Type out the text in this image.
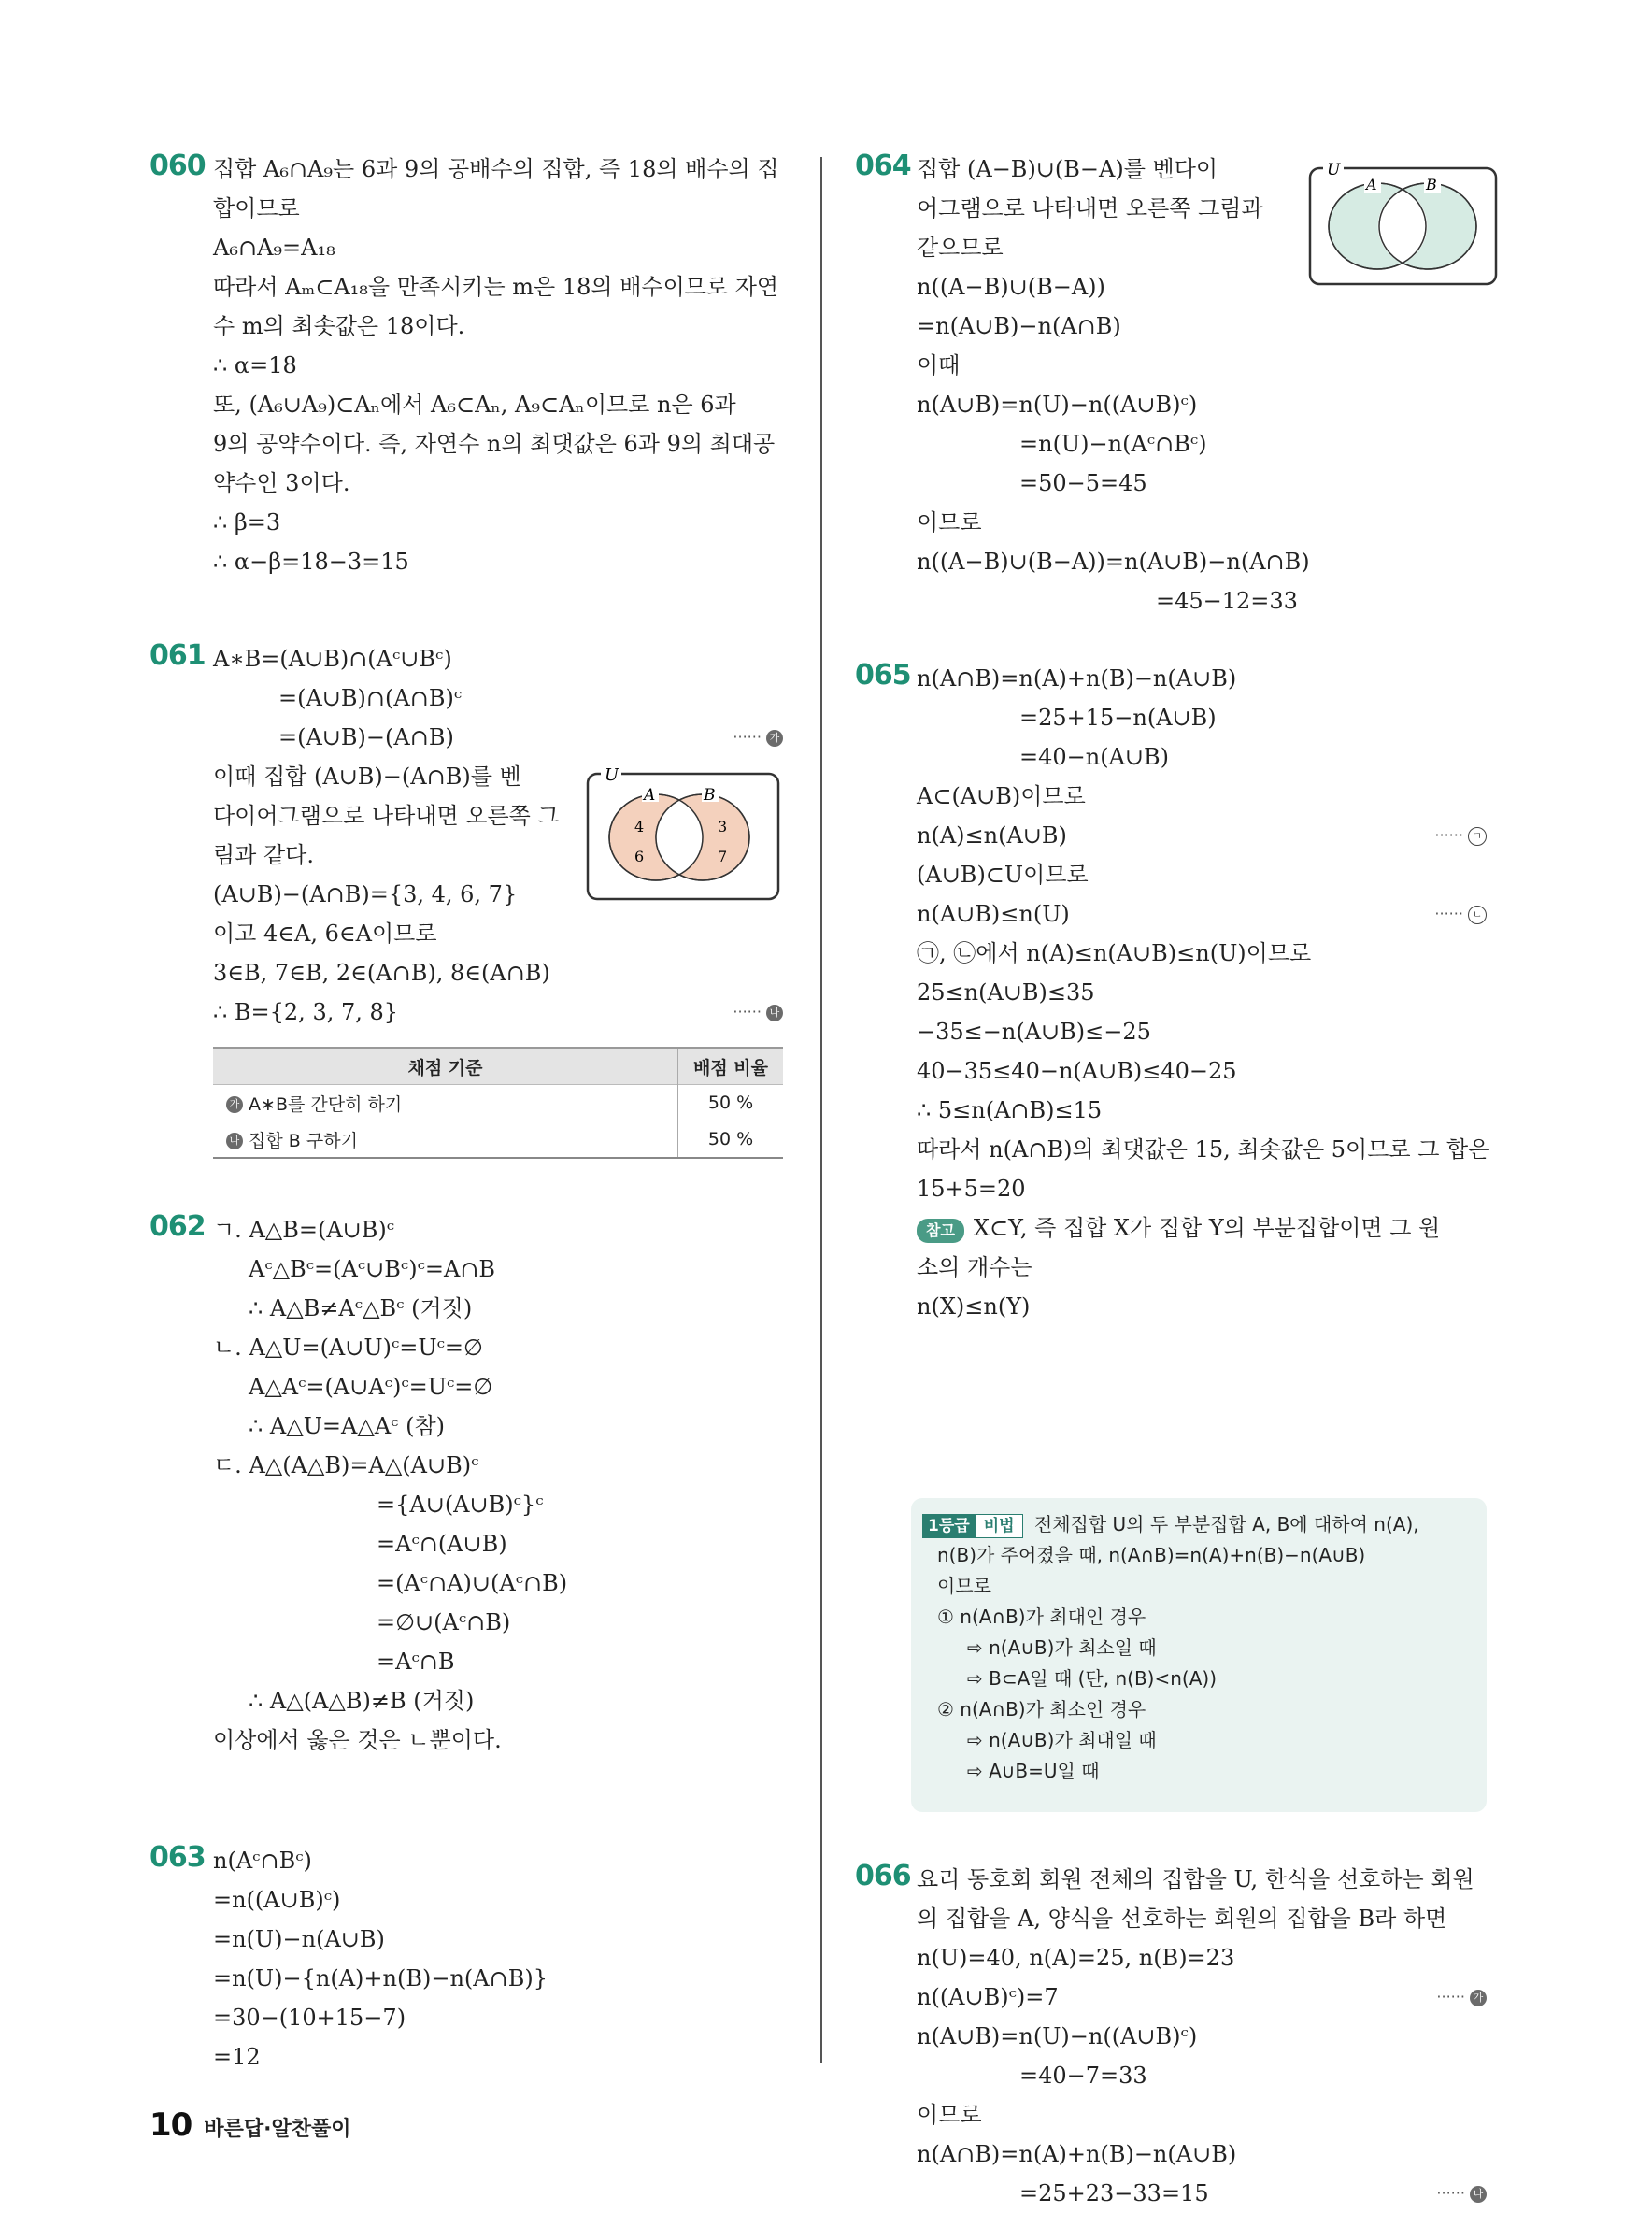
060 집합 A₆∩A₉는 6과 9의 공배수의 집합, 즉 18의 배수의 집
합이므로
A₆∩A₉=A₁₈
따라서 Aₘ⊂A₁₈을 만족시키는 m은 18의 배수이므로 자연
수 m의 최솟값은 18이다.
∴ α=18
또, (A₆∪A₉)⊂Aₙ에서 A₆⊂Aₙ, A₉⊂Aₙ이므로 n은 6과
9의 공약수이다. 즉, 자연수 n의 최댓값은 6과 9의 최대공
약수인 3이다.
∴ β=3
∴ α−β=18−3=15
061 A∗B=(A∪B)∩(Aᶜ∪Bᶜ)
=(A∪B)∩(A∩B)ᶜ
=(A∪B)−(A∩B)	······ 가
이때 집합 (A∪B)−(A∩B)를 벤
다이어그램으로 나타내면 오른쪽 그
림과 같다.
(A∪B)−(A∩B)={3, 4, 6, 7}
이고 4∈A, 6∈A이므로
3∈B, 7∈B, 2∈(A∩B), 8∈(A∩B)
∴ B={2, 3, 7, 8}	······ 나
U
A	B
4
6
3
7
채점 기준	배점 비율
가 A∗B를 간단히 하기	50 %
나 집합 B 구하기	50 %
062 ㄱ. A△B=(A∪B)ᶜ
Aᶜ△Bᶜ=(Aᶜ∪Bᶜ)ᶜ=A∩B
∴ A△B≠Aᶜ△Bᶜ (거짓)
ㄴ. A△U=(A∪U)ᶜ=Uᶜ=∅
A△Aᶜ=(A∪Aᶜ)ᶜ=Uᶜ=∅
∴ A△U=A△Aᶜ (참)
ㄷ. A△(A△B)=A△(A∪B)ᶜ
={A∪(A∪B)ᶜ}ᶜ
=Aᶜ∩(A∪B)
=(Aᶜ∩A)∪(Aᶜ∩B)
=∅∪(Aᶜ∩B)
=Aᶜ∩B
∴ A△(A△B)≠B (거짓)
이상에서 옳은 것은 ㄴ뿐이다.
063 n(Aᶜ∩Bᶜ)
=n((A∪B)ᶜ)
=n(U)−n(A∪B)
=n(U)−{n(A)+n(B)−n(A∩B)}
=30−(10+15−7)
=12
064 집합 (A−B)∪(B−A)를 벤다이
어그램으로 나타내면 오른쪽 그림과
같으므로
n((A−B)∪(B−A))
=n(A∪B)−n(A∩B)
이때
n(A∪B)=n(U)−n((A∪B)ᶜ)
=n(U)−n(Aᶜ∩Bᶜ)
=50−5=45
이므로
n((A−B)∪(B−A))=n(A∪B)−n(A∩B)
=45−12=33
U
A	B
065 n(A∩B)=n(A)+n(B)−n(A∪B)
=25+15−n(A∪B)
=40−n(A∪B)
A⊂(A∪B)이므로
n(A)≤n(A∪B)	······ ㄱ
(A∪B)⊂U이므로
n(A∪B)≤n(U)	······ ㄴ
㉠, ㉡에서 n(A)≤n(A∪B)≤n(U)이므로
25≤n(A∪B)≤35
−35≤−n(A∪B)≤−25
40−35≤40−n(A∪B)≤40−25
∴ 5≤n(A∩B)≤15
따라서 n(A∩B)의 최댓값은 15, 최솟값은 5이므로 그 합은
15+5=20
참고 X⊂Y, 즉 집합 X가 집합 Y의 부분집합이면 그 원
소의 개수는
n(X)≤n(Y)
1등급 비법	전체집합 U의 두 부분집합 A, B에 대하여 n(A),
n(B)가 주어졌을 때, n(A∩B)=n(A)+n(B)−n(A∪B)
이므로
① n(A∩B)가 최대인 경우
⇨ n(A∪B)가 최소일 때
⇨ B⊂A일 때 (단, n(B)<n(A))
② n(A∩B)가 최소인 경우
⇨ n(A∪B)가 최대일 때
⇨ A∪B=U일 때
066 요리 동호회 회원 전체의 집합을 U, 한식을 선호하는 회원
의 집합을 A, 양식을 선호하는 회원의 집합을 B라 하면
n(U)=40, n(A)=25, n(B)=23
n((A∪B)ᶜ)=7	······ 가
n(A∪B)=n(U)−n((A∪B)ᶜ)
=40−7=33
이므로
n(A∩B)=n(A)+n(B)−n(A∪B)
=25+23−33=15	······ 나
10 바른답·알찬풀이
